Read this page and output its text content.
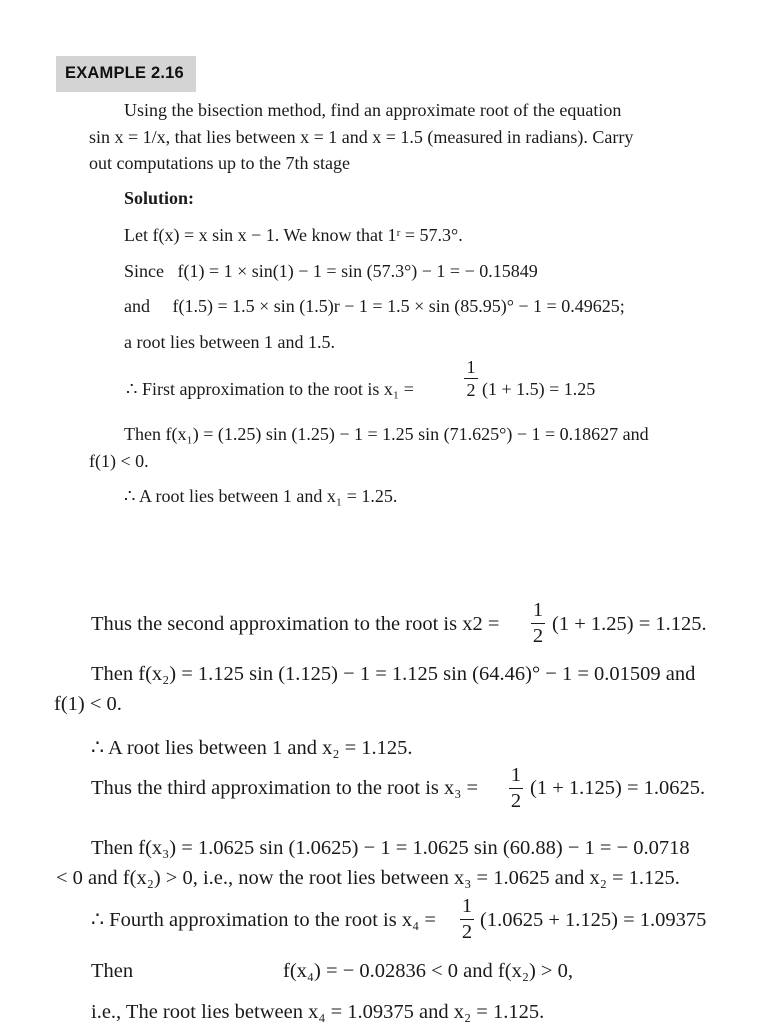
EXAMPLE 2.16
Using the bisection method, find an approximate root of the equation
sin x = 1/x, that lies between x = 1 and x = 1.5 (measured in radians). Carry
out computations up to the 7th stage
Solution:
Let f(x) = x sin x − 1. We know that 1ʳ = 57.3°.
Since   f(1) = 1 × sin(1) − 1 = sin (57.3°) − 1 = − 0.15849
and     f(1.5) = 1.5 × sin (1.5)r − 1 = 1.5 × sin (85.95)° − 1 = 0.49625;
a root lies between 1 and 1.5.
∴ First approximation to the root is x₁ =
1
2 (1 + 1.5) = 1.25
Then f(x₁) = (1.25) sin (1.25) − 1 = 1.25 sin (71.625°) − 1 = 0.18627 and
f(1) < 0.
∴ A root lies between 1 and x₁ = 1.25.
Thus the second approximation to the root is x2 =
1
2
(1 + 1.25) = 1.125.
Then f(x₂) = 1.125 sin (1.125) − 1 = 1.125 sin (64.46)° − 1 = 0.01509 and
f(1) < 0.
∴ A root lies between 1 and x₂ = 1.125.
Thus the third approximation to the root is x₃ =
1
2
(1 + 1.125) = 1.0625.
Then f(x₃) = 1.0625 sin (1.0625) − 1 = 1.0625 sin (60.88) − 1 = − 0.0718
< 0 and f(x₂) > 0, i.e., now the root lies between x₃ = 1.0625 and x₂ = 1.125.
∴ Fourth approximation to the root is x₄ =
1
2
(1.0625 + 1.125) = 1.09375
Then	f(x₄) = − 0.02836 < 0 and f(x₂) > 0,
i.e., The root lies between x₄ = 1.09375 and x₂ = 1.125.
